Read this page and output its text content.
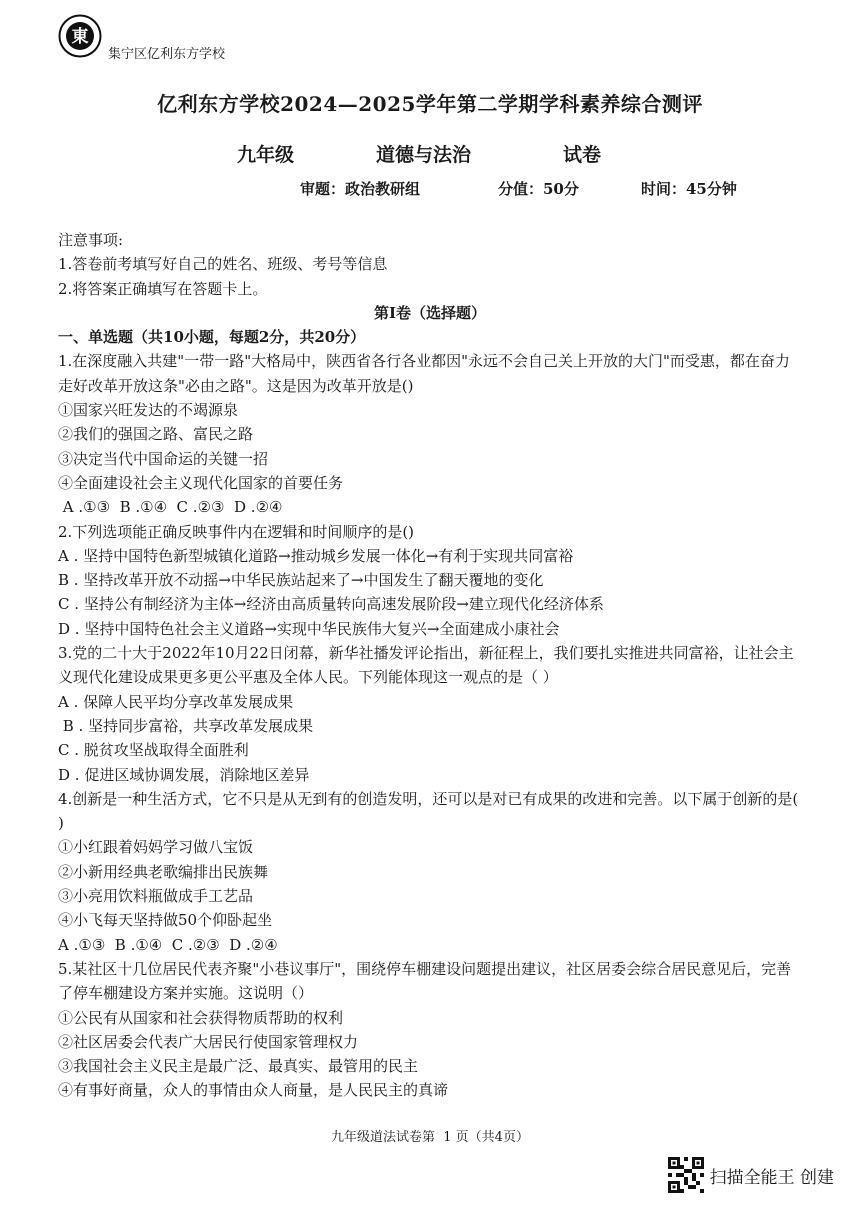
東
集宁区亿利东方学校
亿利东方学校2024—2025学年第二学期学科素养综合测评
九年级	道德与法治	试卷
审题：政治教研组	分值：50分	时间：45分钟
注意事项:
1.答卷前考填写好自己的姓名、班级、考号等信息
2.将答案正确填写在答题卡上。
第Ⅰ卷（选择题）
一、单选题（共10小题，每题2分，共20分）
1.在深度融入共建"一带一路"大格局中，陕西省各行各业都因"永远不会自己关上开放的大门"而受惠，都在奋力走好改革开放这条"必由之路"。这是因为改革开放是()
①国家兴旺发达的不竭源泉
②我们的强国之路、富民之路
③决定当代中国命运的关键一招
④全面建设社会主义现代化国家的首要任务
A .①③  B .①④  C .②③  D .②④
2.下列选项能正确反映事件内在逻辑和时间顺序的是()
A . 坚持中国特色新型城镇化道路→推动城乡发展一体化→有利于实现共同富裕
B . 坚持改革开放不动摇→中华民族站起来了→中国发生了翻天覆地的变化
C . 坚持公有制经济为主体→经济由高质量转向高速发展阶段→建立现代化经济体系
D . 坚持中国特色社会主义道路→实现中华民族伟大复兴→全面建成小康社会
3.党的二十大于2022年10月22日闭幕，新华社播发评论指出，新征程上，我们要扎实推进共同富裕，让社会主义现代化建设成果更多更公平惠及全体人民。下列能体现这一观点的是（ ）
A . 保障人民平均分享改革发展成果
B . 坚持同步富裕，共享改革发展成果
C . 脱贫攻坚战取得全面胜利
D . 促进区域协调发展，消除地区差异
4.创新是一种生活方式，它不只是从无到有的创造发明，还可以是对已有成果的改进和完善。以下属于创新的是( )
①小红跟着妈妈学习做八宝饭
②小新用经典老歌编排出民族舞
③小亮用饮料瓶做成手工艺品
④小飞每天坚持做50个仰卧起坐
A .①③  B .①④  C .②③  D .②④
5.某社区十几位居民代表齐聚"小巷议事厅"，围绕停车棚建设问题提出建议，社区居委会综合居民意见后，完善了停车棚建设方案并实施。这说明（）
①公民有从国家和社会获得物质帮助的权利
②社区居委会代表广大居民行使国家管理权力
③我国社会主义民主是最广泛、最真实、最管用的民主
④有事好商量，众人的事情由众人商量，是人民民主的真谛
九年级道法试卷第  1 页（共4页）
扫描全能王 创建
